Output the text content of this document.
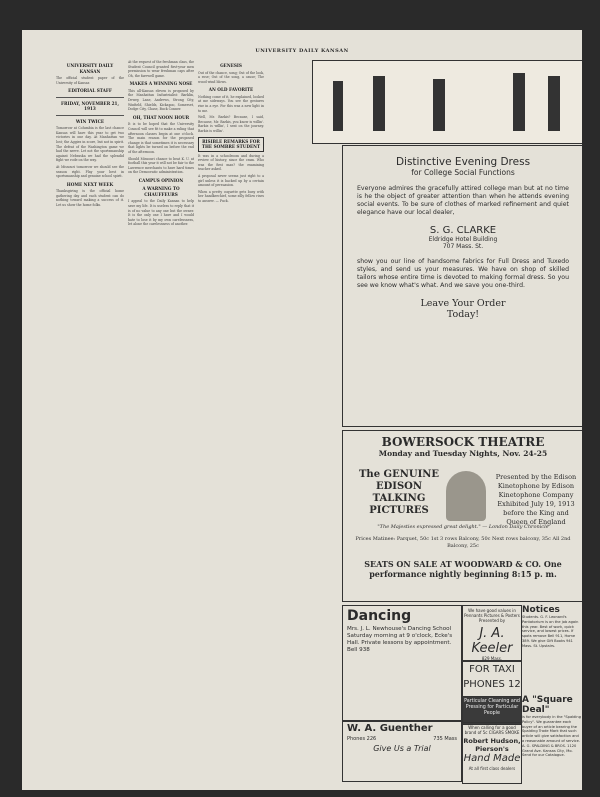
UNIVERSITY DAILY KANSAN
UNIVERSITY DAILY KANSAN

The official student paper of the University of Kansas

EDITORIAL STAFF
FRIDAY, NOVEMBER 21, 1913
WIN TWICE

Tomorrow at Columbia is the last chance Kansas will have this year to get two victories in one day. At Manhattan we lost; the Aggies in score, but not in spirit. The defeat of the Washington game we had the nerve. Let not the sportsmanship against Nebraska we had the splendid fight we rode on the way.

At Missouri tomorrow we should see the season right. Play your best in sportsmanship and genuine school spirit.

HOME NEXT WEEK

Thanksgiving is the official home gathering day and each student can do nothing toward making a success of it. Let us show the home folks.

At the request of the freshman class, the Student Council granted first-year men permission to wear freshman caps after Oh, the farewell game.

MAKES A WINNING NOSE

This all-Kansas eleven is proposed by the Manhattan Industrialist: Barklin, Dewey, Lane, Andrews, Strong City, Winfield, Shields, Kickapoo, Somerset, Dodge City, Chase, Buck Conner.

OH, THAT NOON HOUR

It is to be hoped that the University Council will see fit to make a ruling that afternoon classes begin at one o'clock. The main reason for the proposed change is that sometimes it is necessary that lights be turned on before the end of the afternoon.

Should Missouri chance to beat K. U. at football this year it will not be fair to the Lawrence merchants to have hard times on the Democratic administration.

CAMPUS OPINION
A WARNING TO CHAUFFEURS

I appeal to the Daily Kansan to help save my life. It is useless to reply that it is of no value to any one but the owner. It is the only one I have and I would hate to lose it by my own carelessness, let alone the carelessness of another.

GENESIS

Out of the chance, song; Out of the look, a rose; Out of the song, a cause; The wood wind blows.

AN OLD FAVORITE

Nothing come of it, he explained, looked at me sideways. You see the gestures rise in a eye. For this was a new light in to me.

Well, Mr. Barkis? Because, I said, Because, Mr. Barkis, you know is willin'. Barkis is willin', I sent on the journey. Barkis is willin'.

RISIBLE REMARKS FOR THE SOMBRE STUDENT

It was in a schoolroom and during a review of history, since the cram. Who was the first man? the examining teacher asked.

A proposal never seems just right to a girl unless it is backed up by a certain amount of persuasion.

When a pretty coquette gets busy with her handkerchief, some silly fellow rises to answer. — Puck.

Distinctive Evening Dress
for College Social Functions
Everyone admires the gracefully attired college man but at no time is he the object of greater attention than when he attends evening social events. To be sure of clothes of marked refinement and quiet elegance have our local dealer,
S. G. CLARKE
Eldridge Hotel Building
707 Mass. St.
show you our line of handsome fabrics for Full Dress and Tuxedo styles, and send us your measures. We have on shop of skilled tailors whose entire time is devoted to making formal dress. So you see we know what's what. And we save you one-third.
Leave Your Order
Today!
BOWERSOCK THEATRE
Monday and Tuesday Nights, Nov. 24-25
The GENUINE EDISON TALKING PICTURES
Presented by the Edison Kinetophone by Edison Kinetophone Company Exhibited July 19, 1913 before the King and Queen of England
"The Majesties expressed great delight." — London Daily Chronicle
Prices Matinee: Parquet, 50c 1st 3 rows Balcony, 50c Next rows balcony, 35c All 2nd Balcony, 25c
SEATS ON SALE AT WOODWARD & CO. One performance nightly beginning 8:15 p. m.
Dancing
Mrs. J. L. Newhouse's Dancing School Saturday morning at 9 o'clock, Ecke's Hall. Private lessons by appointment. Bell 938
W. A. Guenther
Phones 226	735 Mass
Give Us a Trial
We have good values in Pennants Pictures & Posters Presented by
J. A. Keeler
829 Mass.
FOR TAXI
PHONES 12
Particular Cleaning and Pressing for Particular People
When calling for a good brand of 5c CIGARS SMOKE
Robert Hudson, Pierson's
Hand Made
At all first class dealers
Notices
Students. G. F. Leonard's Pantatorium is on the job again this year. Best of work, quick service, and lowest prices. If spots remove Bell 911, Home 389. We give Gift Books 941 Mass. St. Upstairs.
A "Square Deal"
is for everybody in the "Spalding Policy". We guarantee each buyer of an article bearing the Spalding Trade Mark that such article will give satisfaction and a reasonable amount of service. A. G. SPALDING & BROS. 1120 Grand Ave. Kansas City, Mo. Send for our Catalogue.
